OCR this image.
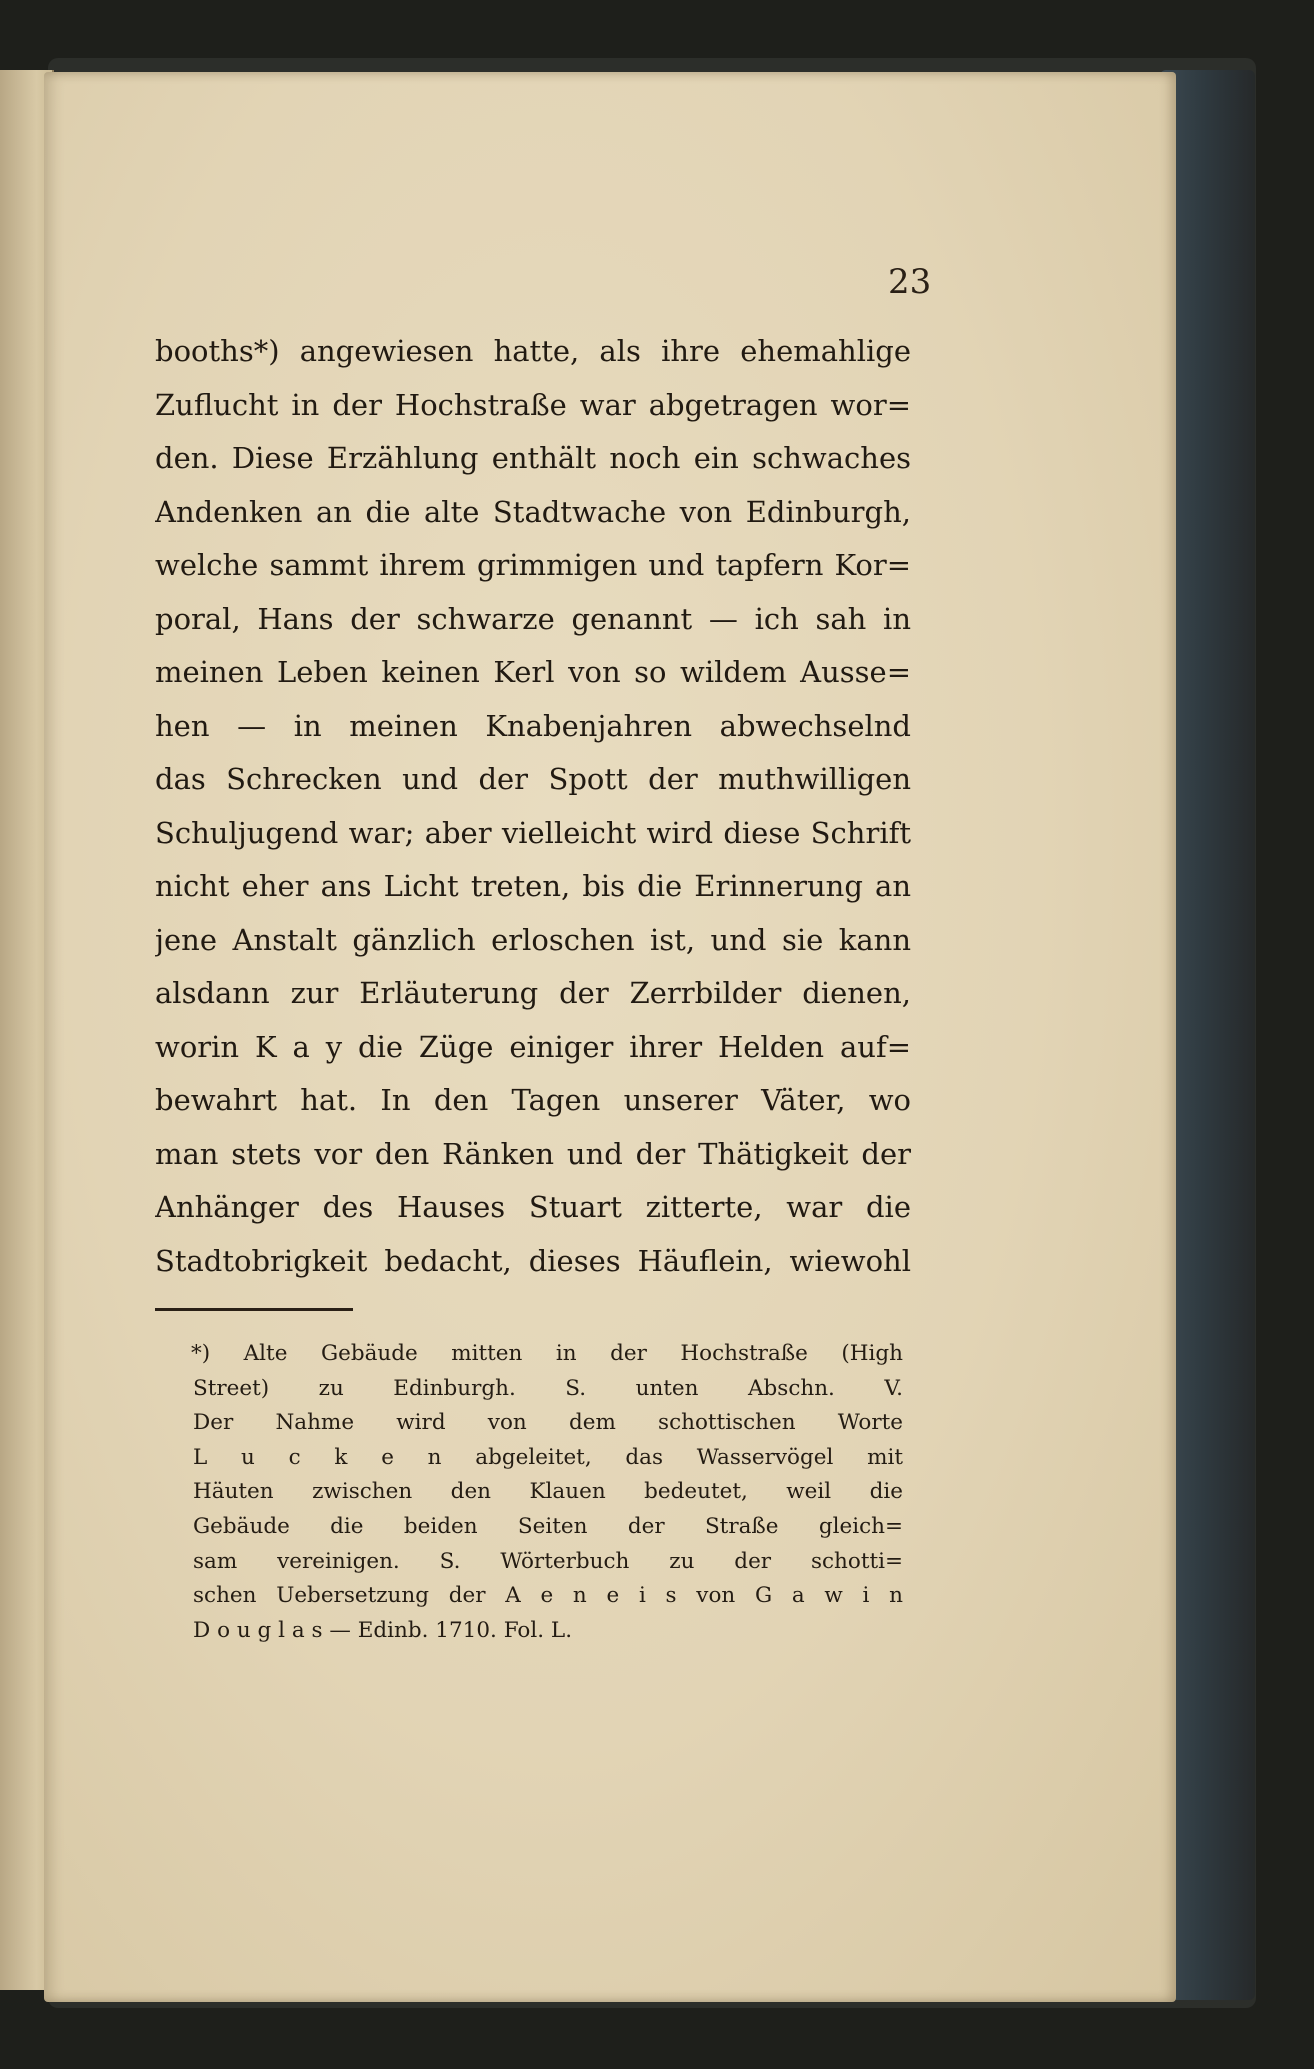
23
booths*) angewiesen hatte, als ihre ehemahlige
Zuflucht in der Hochstraße war abgetragen wor=
den. Diese Erzählung enthält noch ein schwaches
Andenken an die alte Stadtwache von Edinburgh,
welche sammt ihrem grimmigen und tapfern Kor=
poral, Hans der schwarze genannt — ich sah in
meinen Leben keinen Kerl von so wildem Ausse=
hen — in meinen Knabenjahren abwechselnd
das Schrecken und der Spott der muthwilligen
Schuljugend war; aber vielleicht wird diese Schrift
nicht eher ans Licht treten, bis die Erinnerung an
jene Anstalt gänzlich erloschen ist, und sie kann
alsdann zur Erläuterung der Zerrbilder dienen,
worin K a y die Züge einiger ihrer Helden auf=
bewahrt hat. In den Tagen unserer Väter, wo
man stets vor den Ränken und der Thätigkeit der
Anhänger des Hauses Stuart zitterte, war die
Stadtobrigkeit bedacht, dieses Häuflein, wiewohl
*) Alte Gebäude mitten in der Hochstraße (High
Street) zu Edinburgh. S. unten Abschn. V.
Der Nahme wird von dem schottischen Worte
L u c k e n abgeleitet, das Wasservögel mit
Häuten zwischen den Klauen bedeutet, weil die
Gebäude die beiden Seiten der Straße gleich=
sam vereinigen. S. Wörterbuch zu der schotti=
schen Uebersetzung der A e n e i s von G a w i n
D o u g l a s — Edinb. 1710. Fol. L.
